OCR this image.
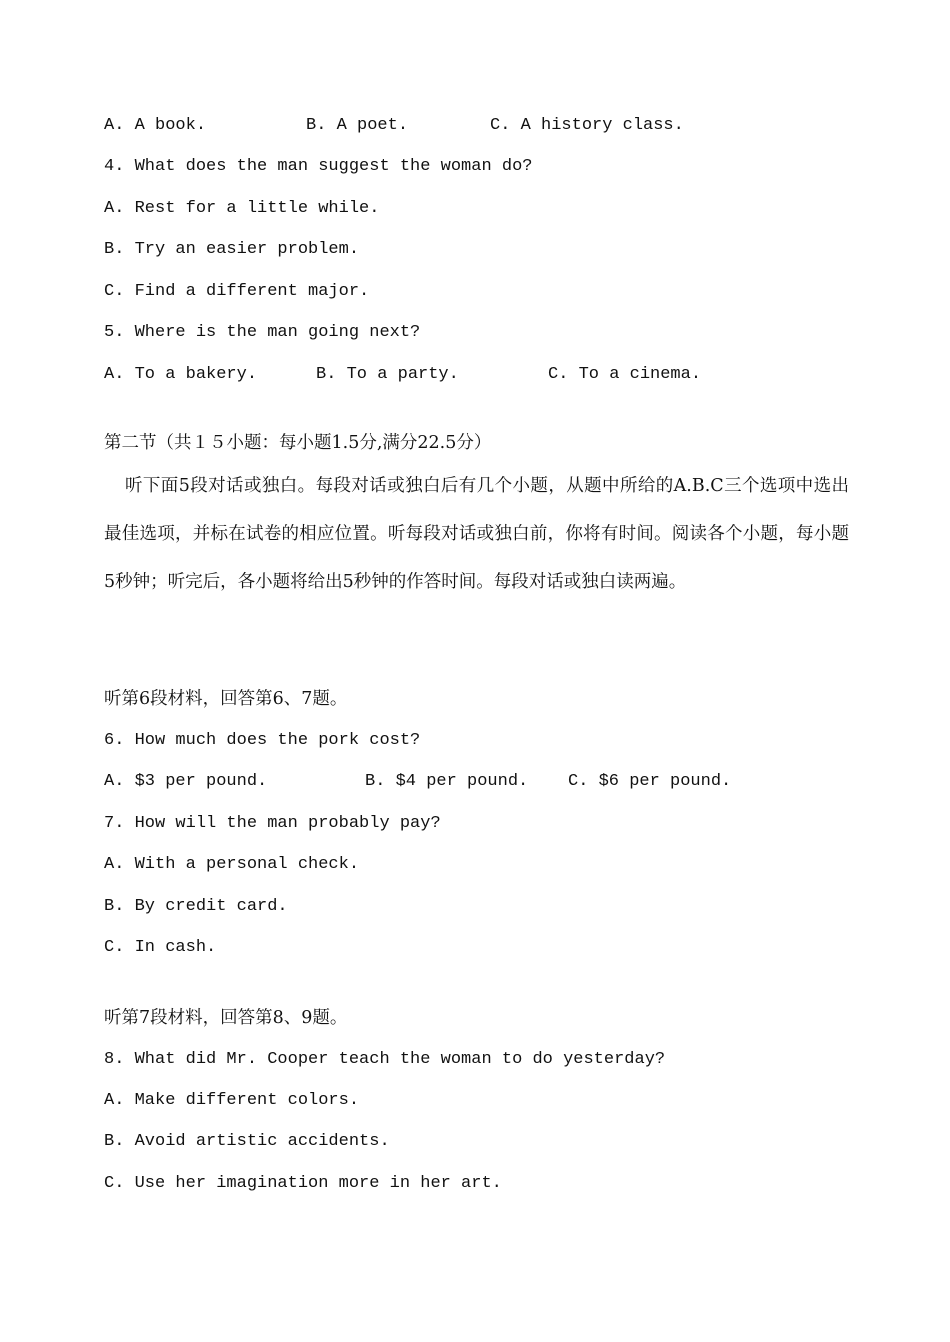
A. A book.	B. A poet.	C. A history class.
4. What does the man suggest the woman do?
A. Rest for a little while.
B. Try an easier problem.
C. Find a different major.
5. Where is the man going next?
A. To a bakery.	B. To a party.	C. To a cinema.
第二节（共１５小题：每小题1.5分,满分22.5分）
听下面5段对话或独白。每段对话或独白后有几个小题，从题中所给的A.B.C三个选项中选出最佳选项，并标在试卷的相应位置。听每段对话或独白前，你将有时间。阅读各个小题，每小题5秒钟；听完后，各小题将给出5秒钟的作答时间。每段对话或独白读两遍。
听第6段材料，回答第6、7题。
6. How much does the pork cost?
A. $3 per pound.	B. $4 per pound. C. $6 per pound.
7. How will the man probably pay?
A. With a personal check.
B. By credit card.
C. In cash.
听第7段材料，回答第8、9题。
8. What did Mr. Cooper teach the woman to do yesterday?
A. Make different colors.
B. Avoid artistic accidents.
C. Use her imagination more in her art.
